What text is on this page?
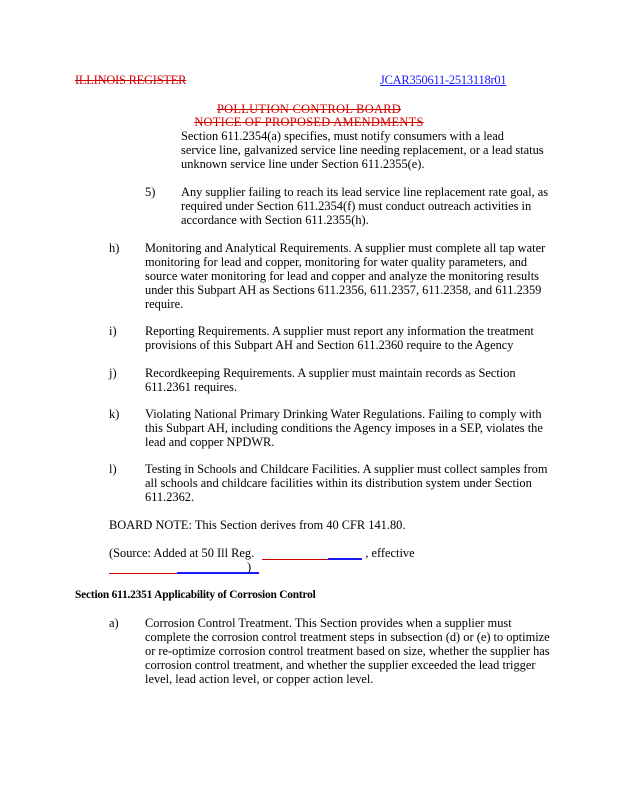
ILLINOIS REGISTER	JCAR350611-2513118r01
POLLUTION CONTROL BOARD
NOTICE OF PROPOSED AMENDMENTS
Section 611.2354(a) specifies, must notify consumers with a lead
service line, galvanized service line needing replacement, or a lead status
unknown service line under Section 611.2355(e).
5) Any supplier failing to reach its lead service line replacement rate goal, as
required under Section 611.2354(f) must conduct outreach activities in
accordance with Section 611.2355(h).
h) Monitoring and Analytical Requirements. A supplier must complete all tap water
monitoring for lead and copper, monitoring for water quality parameters, and
source water monitoring for lead and copper and analyze the monitoring results
under this Subpart AH as Sections 611.2356, 611.2357, 611.2358, and 611.2359
require.
i) Reporting Requirements. A supplier must report any information the treatment
provisions of this Subpart AH and Section 611.2360 require to the Agency
j) Recordkeeping Requirements. A supplier must maintain records as Section
611.2361 requires.
k) Violating National Primary Drinking Water Regulations. Failing to comply with
this Subpart AH, including conditions the Agency imposes in a SEP, violates the
lead and copper NPDWR.
l) Testing in Schools and Childcare Facilities. A supplier must collect samples from
all schools and childcare facilities within its distribution system under Section
611.2362.
BOARD NOTE: This Section derives from 40 CFR 141.80.
(Source: Added at 50 Ill Reg.	, effective
)
Section 611.2351 Applicability of Corrosion Control
a) Corrosion Control Treatment. This Section provides when a supplier must
complete the corrosion control treatment steps in subsection (d) or (e) to optimize
or re-optimize corrosion control treatment based on size, whether the supplier has
corrosion control treatment, and whether the supplier exceeded the lead trigger
level, lead action level, or copper action level.
